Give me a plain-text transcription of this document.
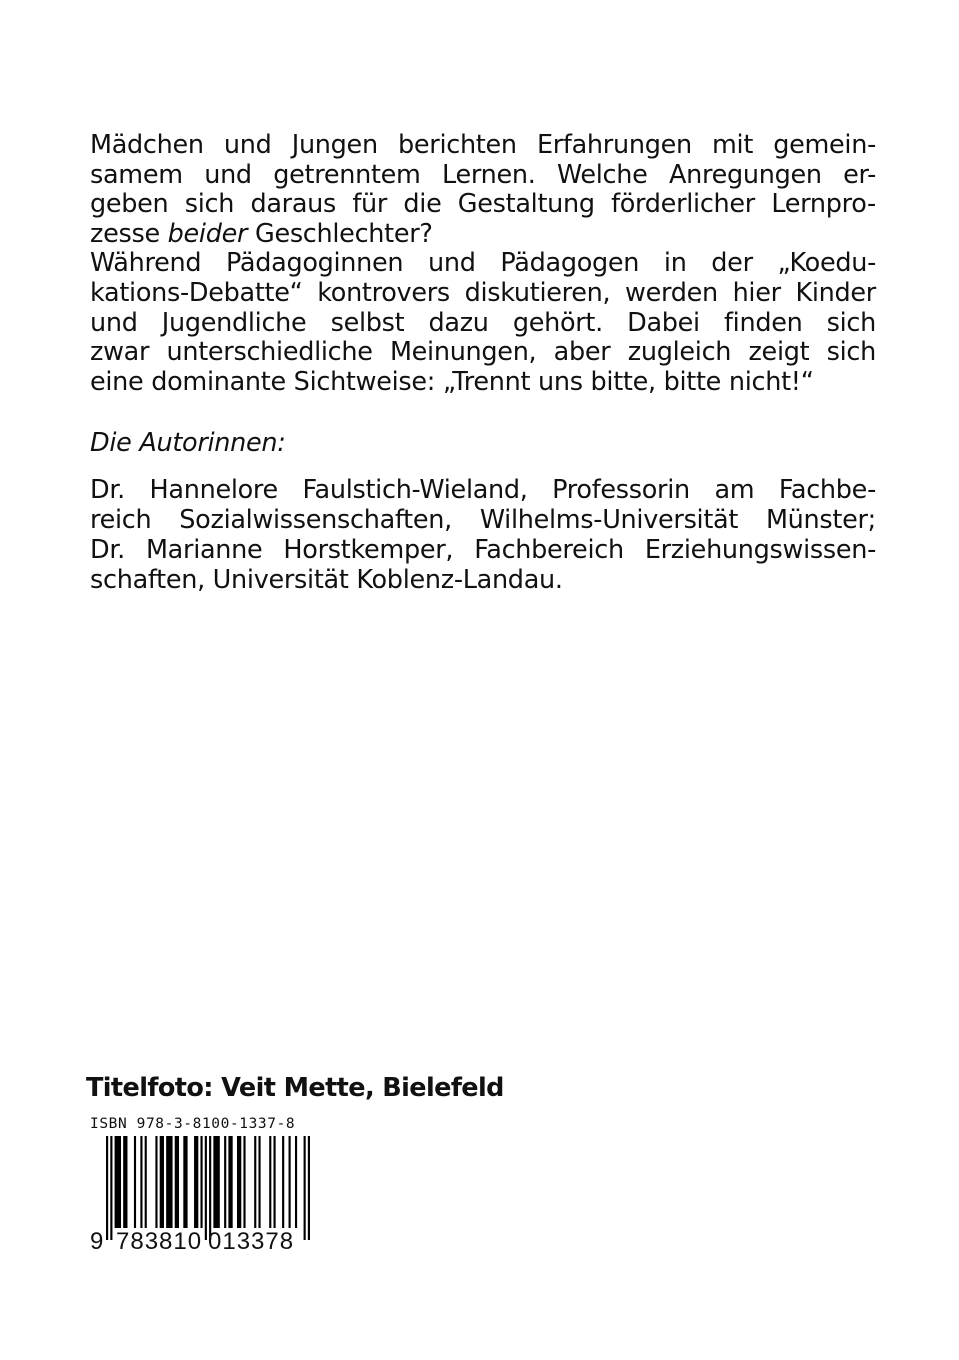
Mädchen und Jungen berichten Erfahrungen mit gemein-
samem und getrenntem Lernen. Welche Anregungen er-
geben sich daraus für die Gestaltung förderlicher Lernpro-
zesse beider Geschlechter?
Während Pädagoginnen und Pädagogen in der „Koedu-
kations-Debatte“ kontrovers diskutieren, werden hier Kinder
und Jugendliche selbst dazu gehört. Dabei finden sich
zwar unterschiedliche Meinungen, aber zugleich zeigt sich
eine dominante Sichtweise: „Trennt uns bitte, bitte nicht!“

Die Autorinnen:

Dr. Hannelore Faulstich-Wieland, Professorin am Fachbe-
reich Sozialwissenschaften, Wilhelms-Universität Münster;
Dr. Marianne Horstkemper, Fachbereich Erziehungswissen-
schaften, Universität Koblenz-Landau.

Titelfoto: Veit Mette, Bielefeld

ISBN 978-3-8100-1337-8

9 783810 013378
